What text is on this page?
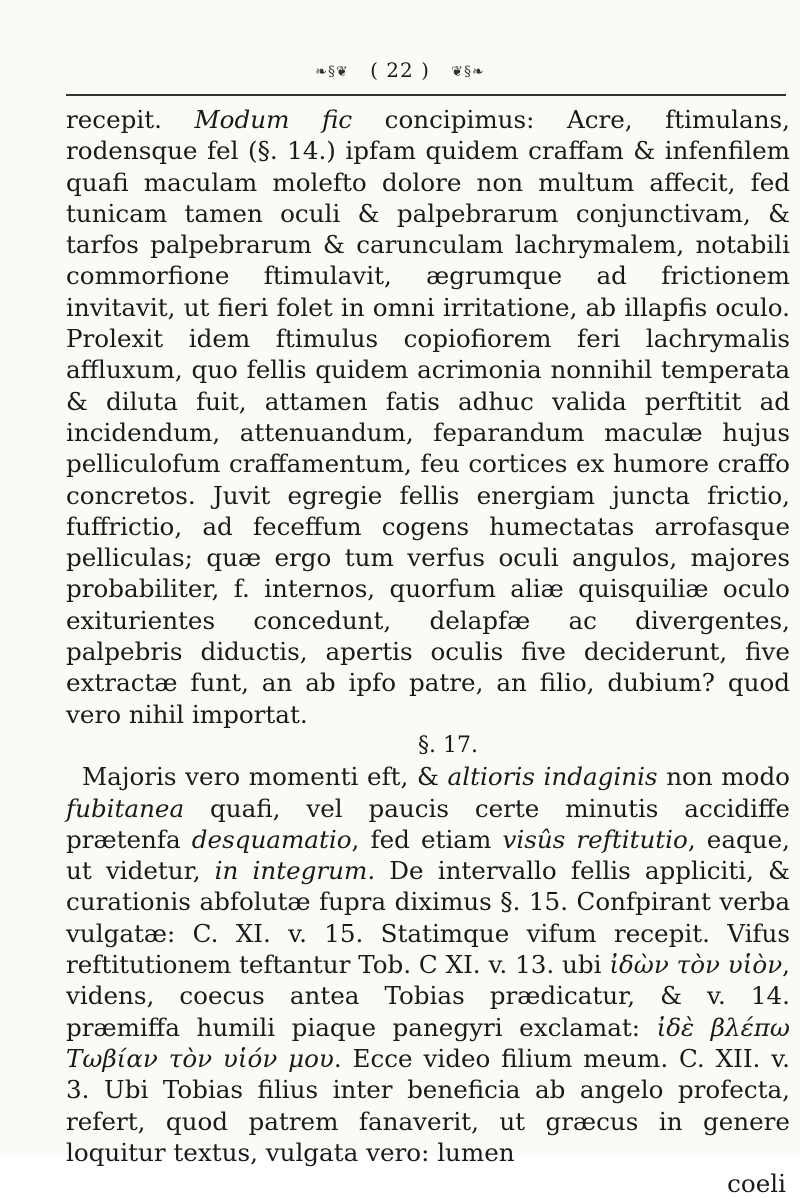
❧§❦ ( 22 ) ❦§❧

recepit. Modum fic concipimus: Acre, ftimulans, rodensque fel (§. 14.) ipfam quidem craffam & infenfilem quafi maculam molefto dolore non multum affecit, fed tunicam tamen oculi & palpebrarum conjunctivam, & tarfos palpebrarum & carunculam lachrymalem, notabili commorfione ftimulavit, ægrumque ad frictionem invitavit, ut fieri folet in omni irritatione, ab illapfis oculo. Prolexit idem ftimulus copiofiorem feri lachrymalis affluxum, quo fellis quidem acrimonia nonnihil temperata & diluta fuit, attamen fatis adhuc valida perftitit ad incidendum, attenuandum, feparandum maculæ hujus pelliculofum craffamentum, feu cortices ex humore craffo concretos. Juvit egregie fellis energiam juncta frictio, fuffrictio, ad feceffum cogens humectatas arrofasque pelliculas; quæ ergo tum verfus oculi angulos, majores probabiliter, f. internos, quorfum aliæ quisquiliæ oculo exiturientes concedunt, delapfæ ac divergentes, palpebris diductis, apertis oculis five deciderunt, five extractæ funt, an ab ipfo patre, an filio, dubium? quod vero nihil importat.

§. 17.

Majoris vero momenti eft, & altioris indaginis non modo fubitanea quafi, vel paucis certe minutis accidiffe prætenfa desquamatio, fed etiam visûs reftitutio, eaque, ut videtur, in integrum. De intervallo fellis appliciti, & curationis abfolutæ fupra diximus §. 15. Confpirant verba vulgatæ: C. XI. v. 15. Statimque vifum recepit. Vifus reftitutionem teftantur Tob. C XI. v. 13. ubi ἰδὼν τὸν υἱὸν, videns, coecus antea Tobias prædicatur, & v. 14. præmiffa humili piaque panegyri exclamat: ἰδὲ βλέπω Τωβίαν τὸν υἱόν μου. Ecce video filium meum. C. XII. v. 3. Ubi Tobias filius inter beneficia ab angelo profecta, refert, quod patrem fanaverit, ut græcus in genere loquitur textus, vulgata vero: lumen

coeli
